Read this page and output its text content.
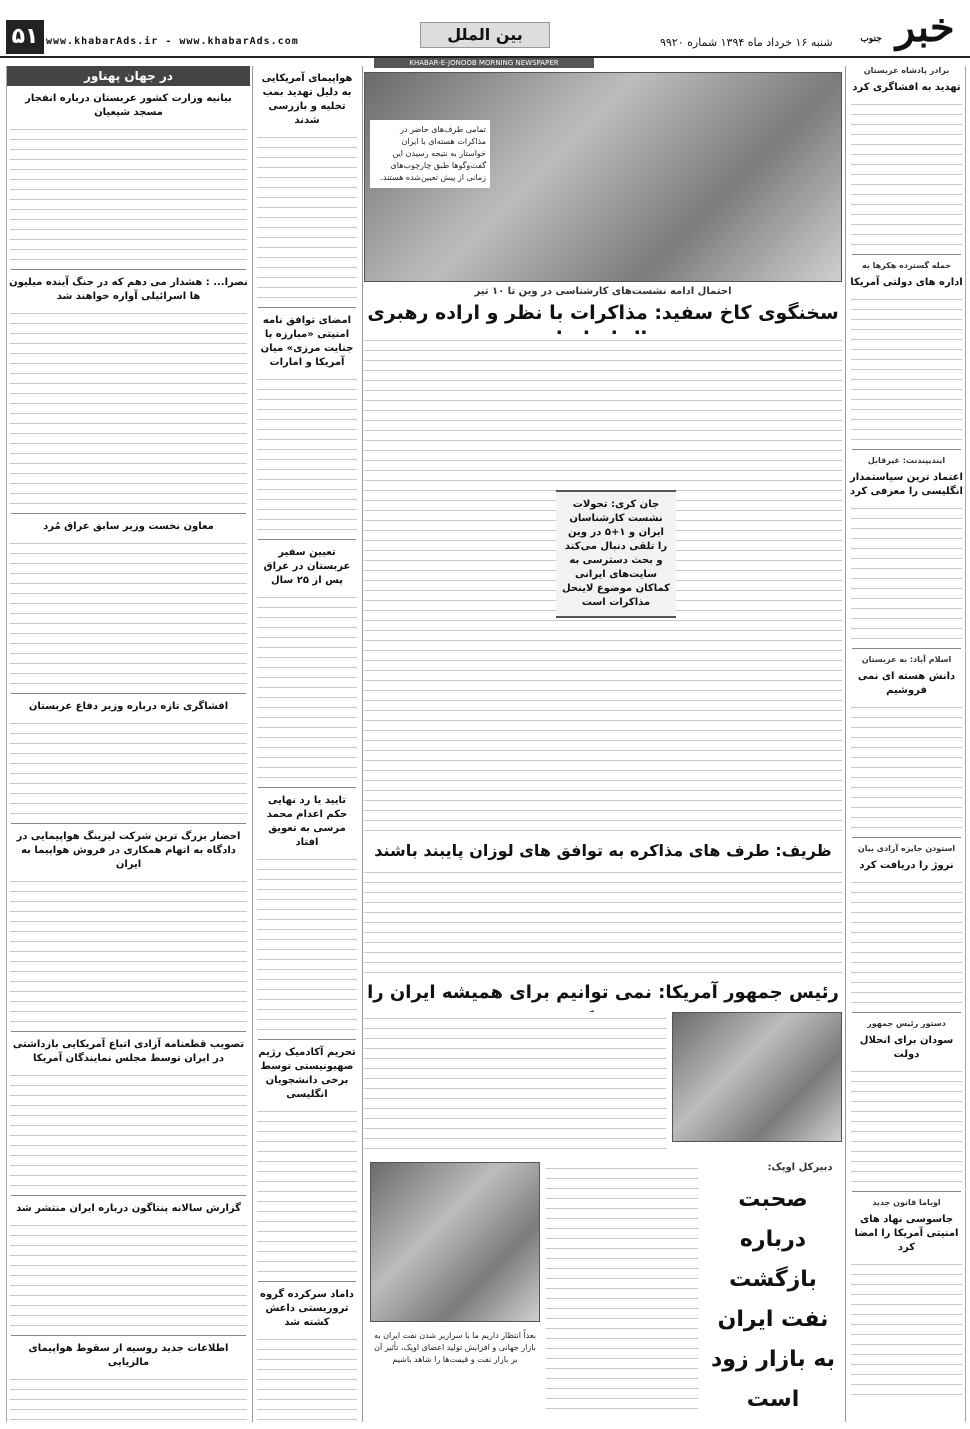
۵۱ www.khabarAds.ir - www.khabarAds.com	بین الملل	شنبه ۱۶ خرداد ماه ۱۳۹۴ شماره ۹۹۲۰	خبر جنوب
KHABAR-E-JONOOB MORNING NEWSPAPER
در جهان پهناور
بیانیه وزارت کشور عربستان درباره انفجار مسجد شیعیان
نصرا... : هشدار می دهم که در جنگ آینده میلیون ها اسرائیلی آواره خواهند شد
معاون نخست وزیر سابق عراق مُرد
افشاگری تازه درباره وزیر دفاع عربستان
احضار بزرگ ترین شرکت لیزینگ هواپیمایی در دادگاه به اتهام همکاری در فروش هواپیما به ایران
تصویب قطعنامه آزادی اتباع آمریکایی بازداشتی در ایران توسط مجلس نمایندگان آمریکا
گزارش سالانه پنتاگون درباره ایران منتشر شد
اطلاعات جدید روسیه از سقوط هواپیمای مالزیایی
هواپیمای آمریکایی به دلیل تهدید بمب تخلیه و بازرسی شدند
امضای توافق نامه امنیتی «مبارزه با جنایت مرزی» میان آمریکا و امارات
تعیین سفیر عربستان در عراق پس از ۲۵ سال
تایید یا رد نهایی حکم اعدام محمد مرسی به تعویق افتاد
تحریم آکادمیک رژیم صهیونیستی توسط برخی دانشجویان انگلیسی
داماد سرکرده گروه تروریستی داعش کشته شد
تمامی طرف‌های حاضر در مذاکرات هسته‌ای با ایران خواستار به نتیجه رسیدن این گفت‌وگوها طبق چارچوب‌های زمانی از پیش تعیین‌شده هستند.
احتمال ادامه نشست‌های کارشناسی در وین تا ۱۰ تیر
سخنگوی کاخ سفید: مذاکرات با نظر و اراده رهبری
جان کری: تحولات نشست کارشناسان ایران و ۱+۵ در وین را تلقی دنبال می‌کند و بحث دسترسی به سایت‌های ایرانی کماکان موضوع لاینحل مذاکرات است
ظریف: طرف های مذاکره به توافق های لوزان پایبند باشند
رئیس جمهور آمریکا: نمی توانیم برای همیشه ایران را
دبیرکل اوپک:
صحبت درباره بازگشت نفت ایران به بازار زود است
بعداً انتظار داریم ما با سرازیر شدن نفت ایران به بازار جهانی و افزایش تولید اعضای اوپک، تأثیر آن بر بازار نفت و قیمت‌ها را شاهد باشیم
برادر پادشاه عربستان
تهدید به افشاگری کرد
حمله گسترده هکرها به
اداره های دولتی آمریکا
ایندیپندنت: غیرقابل
اعتماد ترین سیاستمدار انگلیسی را معرفی کرد
اسلام آباد: به عربستان
دانش هسته ای نمی فروشیم
استودن جایزه آزادی بیان
نروژ را دریافت کرد
دستور رئیس جمهور
سودان برای انحلال دولت
اوباما قانون جدید
جاسوسی نهاد های امنیتی آمریکا را امضا کرد
